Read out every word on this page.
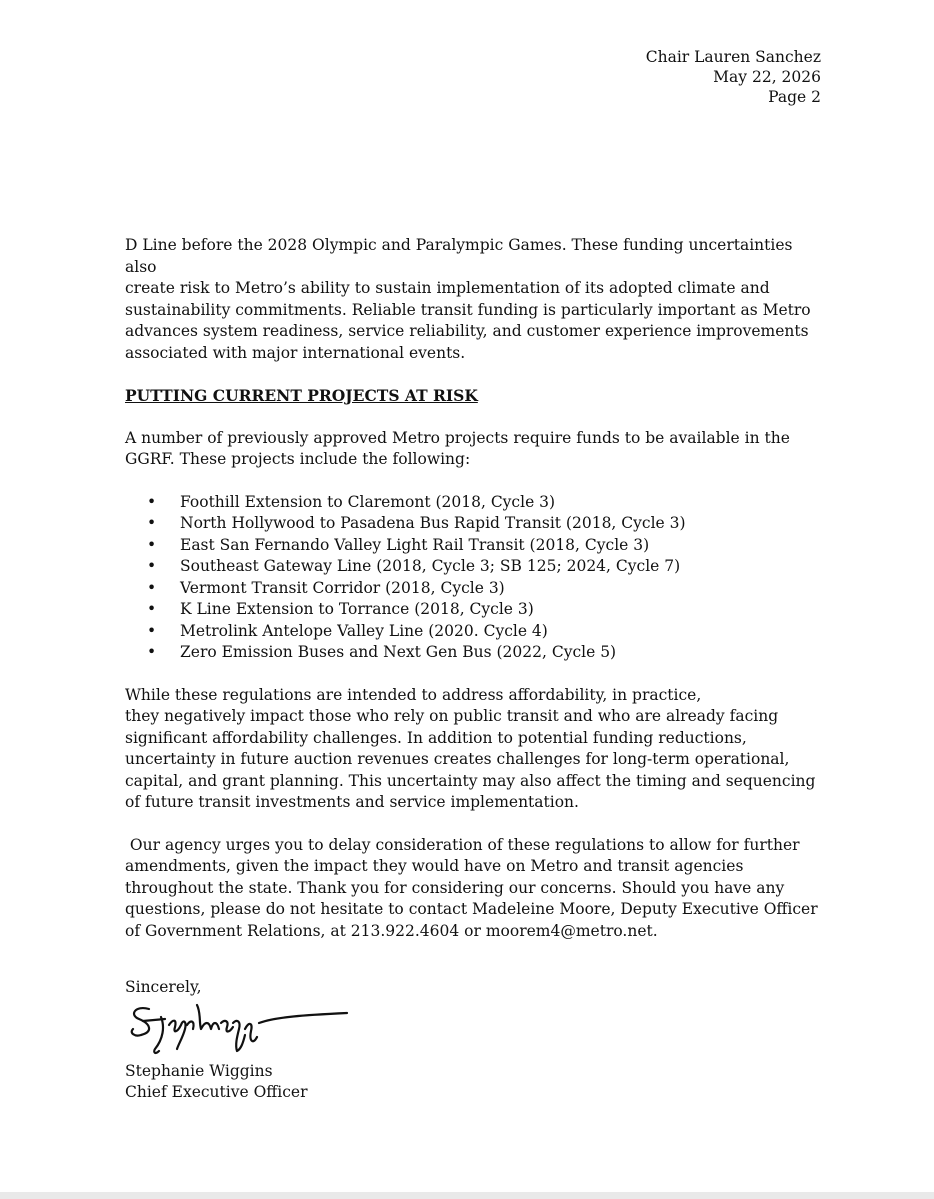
Chair Lauren Sanchez
May 22, 2026
Page 2

D Line before the 2028 Olympic and Paralympic Games. These funding uncertainties also
create risk to Metro’s ability to sustain implementation of its adopted climate and
sustainability commitments. Reliable transit funding is particularly important as Metro
advances system readiness, service reliability, and customer experience improvements
associated with major international events.

PUTTING CURRENT PROJECTS AT RISK

A number of previously approved Metro projects require funds to be available in the
GGRF. These projects include the following:

• Foothill Extension to Claremont (2018, Cycle 3)
• North Hollywood to Pasadena Bus Rapid Transit (2018, Cycle 3)
• East San Fernando Valley Light Rail Transit (2018, Cycle 3)
• Southeast Gateway Line (2018, Cycle 3; SB 125; 2024, Cycle 7)
• Vermont Transit Corridor (2018, Cycle 3)
• K Line Extension to Torrance (2018, Cycle 3)
• Metrolink Antelope Valley Line (2020. Cycle 4)
• Zero Emission Buses and Next Gen Bus (2022, Cycle 5)

While these regulations are intended to address affordability, in practice,
they negatively impact those who rely on public transit and who are already facing
significant affordability challenges. In addition to potential funding reductions,
uncertainty in future auction revenues creates challenges for long-term operational,
capital, and grant planning. This uncertainty may also affect the timing and sequencing
of future transit investments and service implementation.

Our agency urges you to delay consideration of these regulations to allow for further
amendments, given the impact they would have on Metro and transit agencies
throughout the state. Thank you for considering our concerns. Should you have any
questions, please do not hesitate to contact Madeleine Moore, Deputy Executive Officer
of Government Relations, at 213.922.4604 or moorem4@metro.net.

Sincerely,

Stephanie Wiggins

Chief Executive Officer
